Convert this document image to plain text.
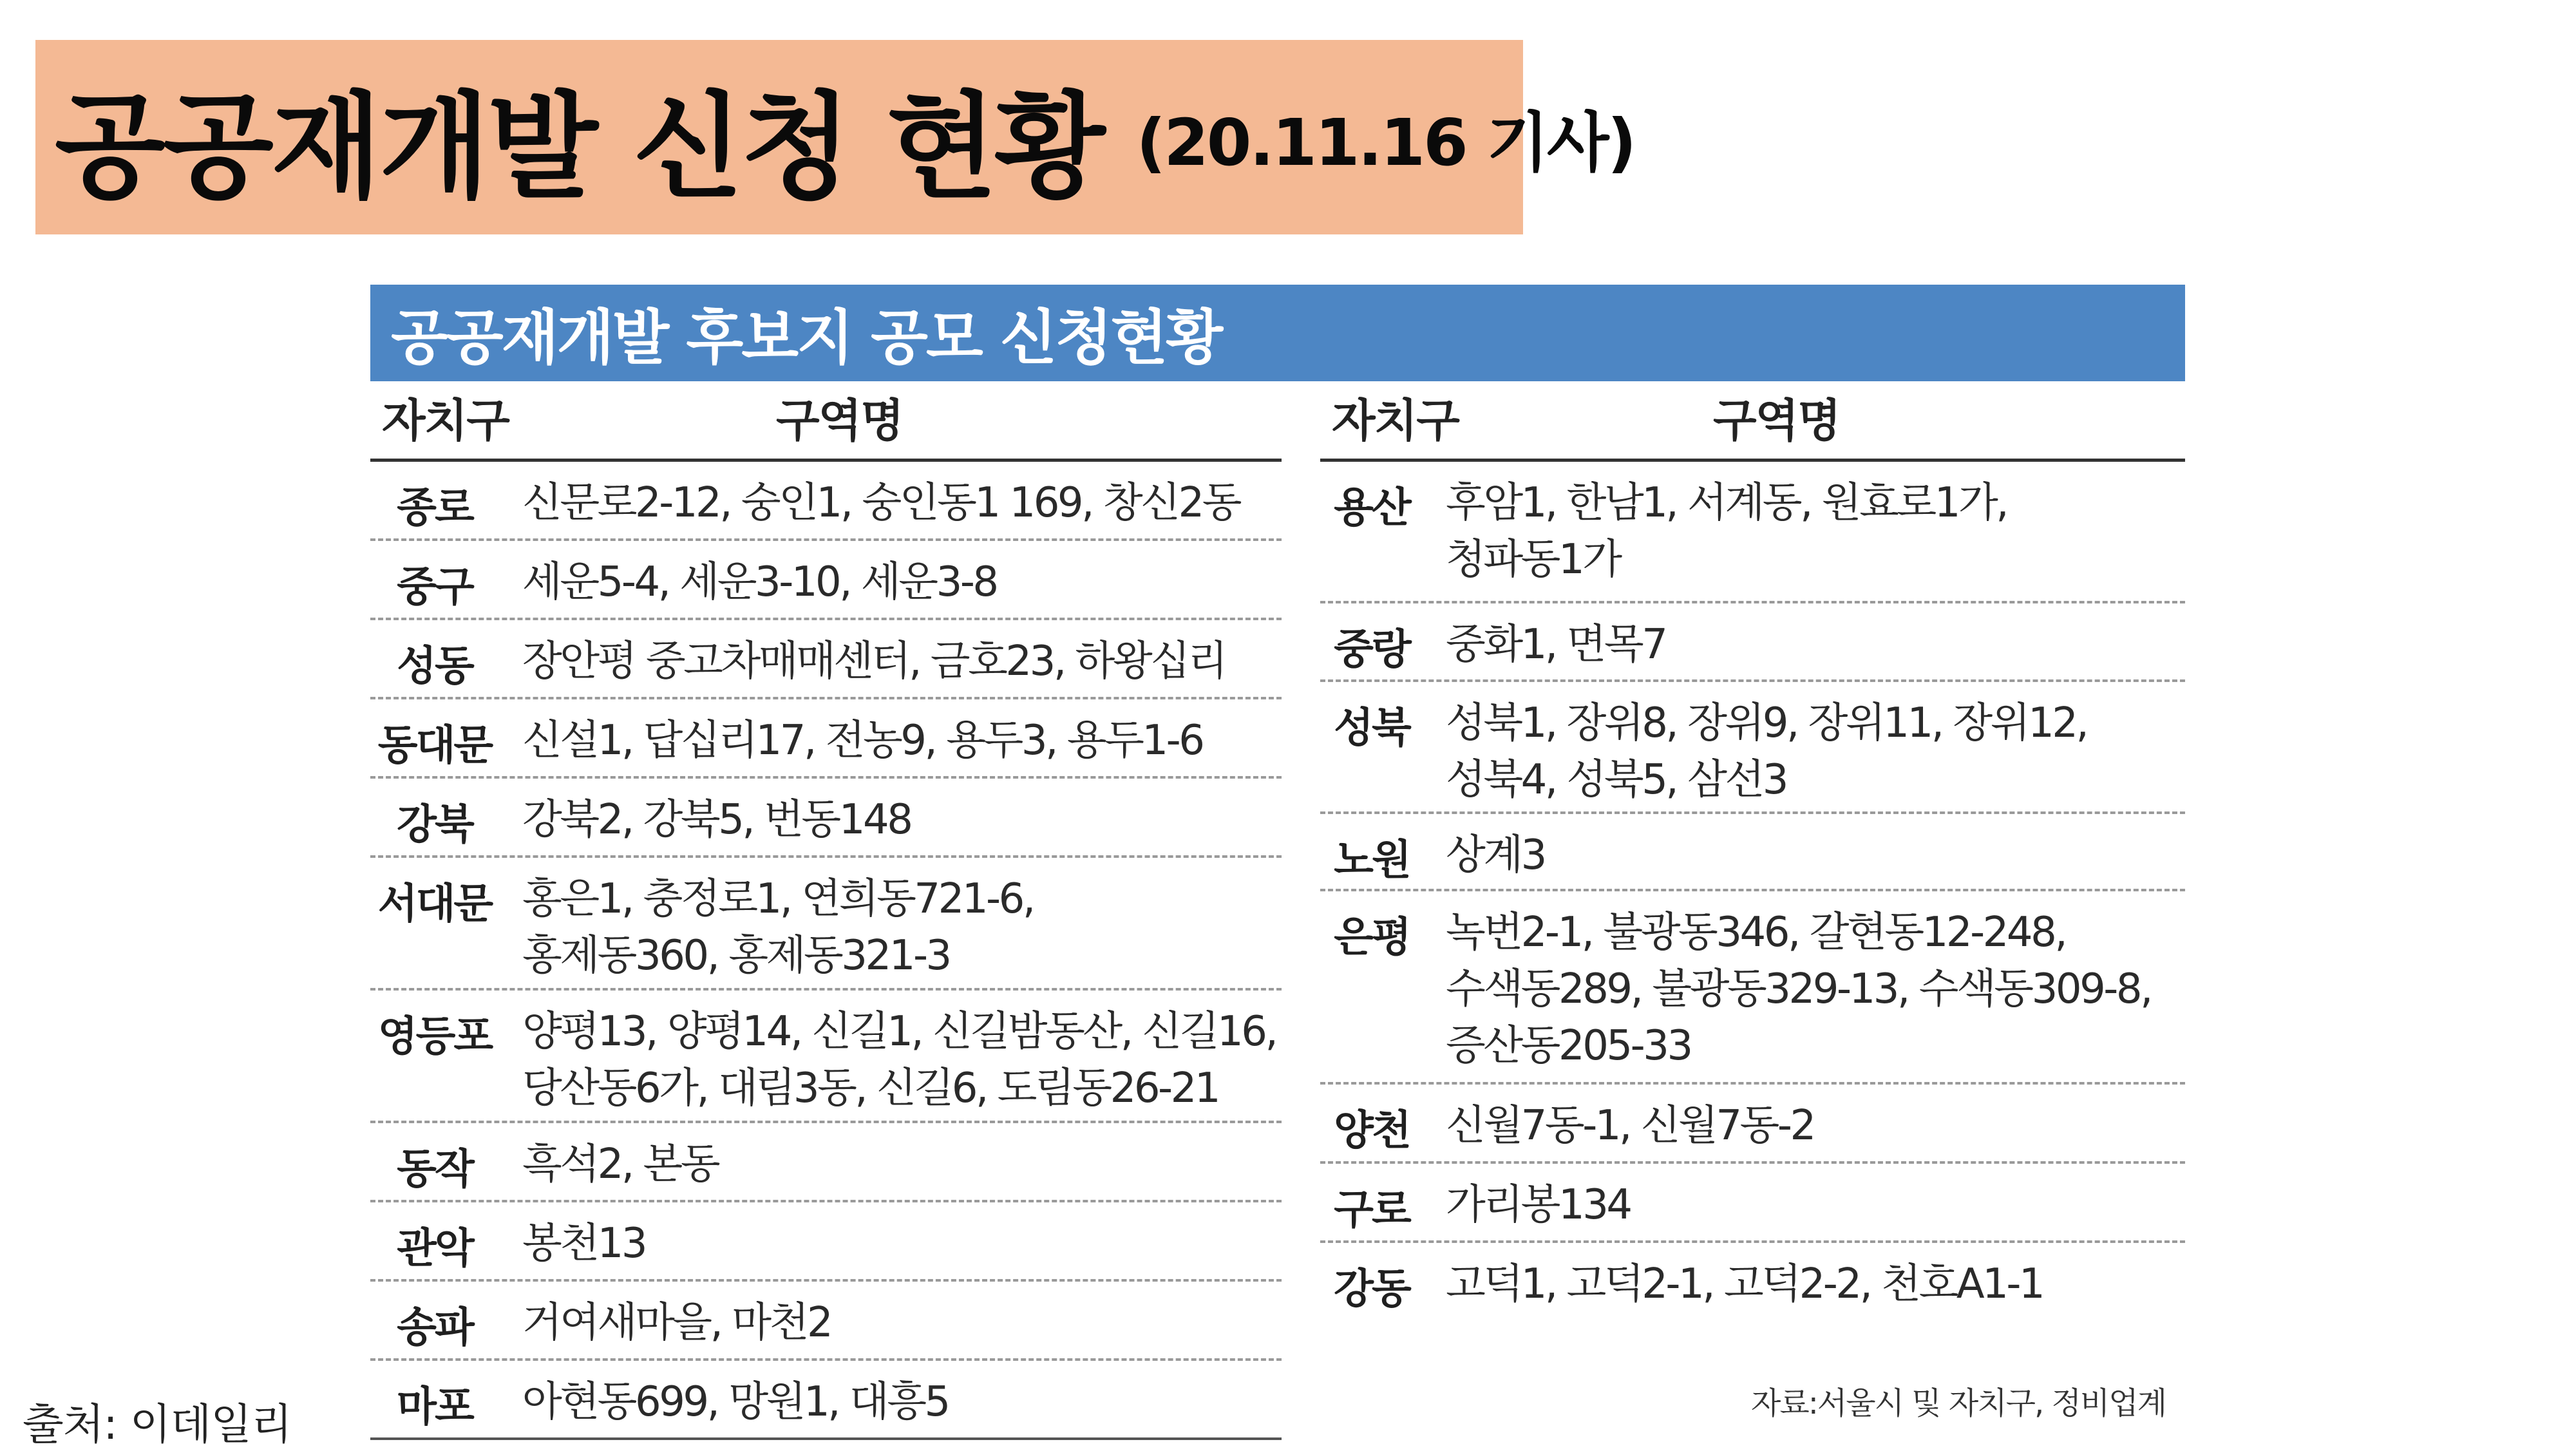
공공재개발 신청 현황 (20.11.16 기사)
공공재개발 후보지 공모 신청현황
자치구	구역명
종로	신문로2-12, 숭인1, 숭인동1 169, 창신2동
중구	세운5-4, 세운3-10, 세운3-8
성동	장안평 중고차매매센터, 금호23, 하왕십리
동대문 신설1, 답십리17, 전농9, 용두3, 용두1-6
강북	강북2, 강북5, 번동148
서대문 홍은1, 충정로1, 연희동721-6,
홍제동360, 홍제동321-3
영등포 양평13, 양평14, 신길1, 신길밤동산, 신길16,
당산동6가, 대림3동, 신길6, 도림동26-21
동작	흑석2, 본동
관악	봉천13
송파	거여새마을, 마천2
마포	아현동699, 망원1, 대흥5
자치구	구역명
용산 후암1, 한남1, 서계동, 원효로1가,
청파동1가
중랑 중화1, 면목7
성북 성북1, 장위8, 장위9, 장위11, 장위12,
성북4, 성북5, 삼선3
노원 상계3
은평 녹번2-1, 불광동346, 갈현동12-248,
수색동289, 불광동329-13, 수색동309-8,
증산동205-33
양천 신월7동-1, 신월7동-2
구로 가리봉134
강동 고덕1, 고덕2-1, 고덕2-2, 천호A1-1
자료:서울시 및 자치구, 정비업계
출처: 이데일리
